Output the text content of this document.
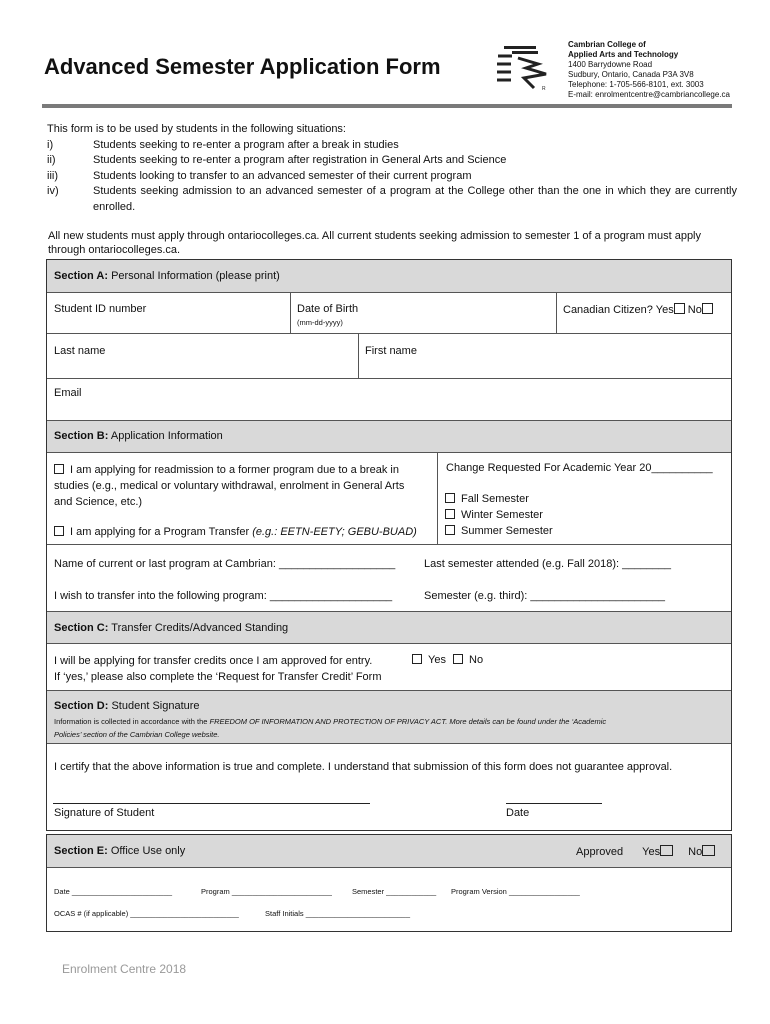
Advanced Semester Application Form
R
Cambrian College of
Applied Arts and Technology
1400 Barrydowne Road
Sudbury, Ontario, Canada P3A 3V8
Telephone: 1-705-566-8101, ext. 3003
E-mail: enrolmentcentre@cambriancollege.ca
This form is to be used by students in the following situations:
i)	Students seeking to re-enter a program after a break in studies
ii)	Students seeking to re-enter a program after registration in General Arts and Science
iii)	Students looking to transfer to an advanced semester of their current program
iv)	Students seeking admission to an advanced semester of a program at the College other than the one in which they are currently enrolled.
All new students must apply through ontariocolleges.ca. All current students seeking admission to semester 1 of a program must apply through ontariocolleges.ca.
Section A: Personal Information (please print)
Student ID number	Date of Birth
(mm-dd-yyyy)
Canadian Citizen? Yes No
Last name	First name
Email
Section B: Application Information
I am applying for readmission to a former program due to a break in
studies (e.g., medical or voluntary withdrawal, enrolment in General Arts
and Science, etc.)
I am applying for a Program Transfer (e.g.: EETN-EETY; GEBU-BUAD)
Change Requested For Academic Year 20__________
Fall Semester
Winter Semester
Summer Semester
Name of current or last program at Cambrian: ___________________	Last semester attended (e.g. Fall 2018): ________
I wish to transfer into the following program: ____________________	Semester (e.g. third): ______________________
Section C: Transfer Credits/Advanced Standing
I will be applying for transfer credits once I am approved for entry.	Yes No
If ‘yes,’ please also complete the ‘Request for Transfer Credit’ Form
Section D: Student Signature
Information is collected in accordance with the FREEDOM OF INFORMATION AND PROTECTION OF PRIVACY ACT. More details can be found under the ‘Academic
Policies’ section of the Cambrian College website.
I certify that the above information is true and complete. I understand that submission of this form does not guarantee approval.
Signature of Student	Date
Section E: Office Use only	Approved Yes	No
Date ________________________	Program ________________________	Semester ____________ Program Version _________________
OCAS # (if applicable) __________________________	Staff Initials _________________________
Enrolment Centre 2018
